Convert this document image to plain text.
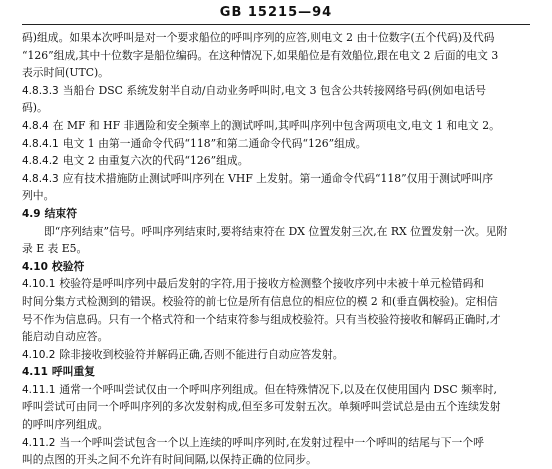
GB 15215—94
码)组成。如果本次呼叫是对一个要求船位的呼叫序列的应答,则电文 2 由十位数字(五个代码)及代码
“126”组成,其中十位数字是船位编码。在这种情况下,如果船位是有效船位,跟在电文 2 后面的电文 3
表示时间(UTC)。
4.8.3.3 当船台 DSC 系统发射半自动/自动业务呼叫时,电文 3 包含公共转接网络号码(例如电话号
码)。
4.8.4 在 MF 和 HF 非遇险和安全频率上的测试呼叫,其呼叫序列中包含两项电文,电文 1 和电文 2。
4.8.4.1 电文 1 由第一通命令代码“118”和第二通命令代码“126”组成。
4.8.4.2 电文 2 由重复六次的代码“126”组成。
4.8.4.3 应有技术措施防止测试呼叫序列在 VHF 上发射。第一通命令代码“118”仅用于测试呼叫序
列中。
4.9 结束符
即“序列结束”信号。呼叫序列结束时,要将结束符在 DX 位置发射三次,在 RX 位置发射一次。见附
录 E 表 E5。
4.10 校验符
4.10.1 校验符是呼叫序列中最后发射的字符,用于接收方检测整个接收序列中未被十单元检错码和
时间分集方式检测到的错误。校验符的前七位是所有信息位的相应位的模 2 和(垂直偶校验)。定相信
号不作为信息码。只有一个格式符和一个结束符参与组成校验符。只有当校验符接收和解码正确时,才
能启动自动应答。
4.10.2 除非接收到校验符并解码正确,否则不能进行自动应答发射。
4.11 呼叫重复
4.11.1 通常一个呼叫尝试仅由一个呼叫序列组成。但在特殊情况下,以及在仅使用国内 DSC 频率时,
呼叫尝试可由同一个呼叫序列的多次发射构成,但至多可发射五次。单频呼叫尝试总是由五个连续发射
的呼叫序列组成。
4.11.2 当一个呼叫尝试包含一个以上连续的呼叫序列时,在发射过程中一个呼叫的结尾与下一个呼
叫的点图的开头之间不允许有时间间隔,以保持正确的位同步。
